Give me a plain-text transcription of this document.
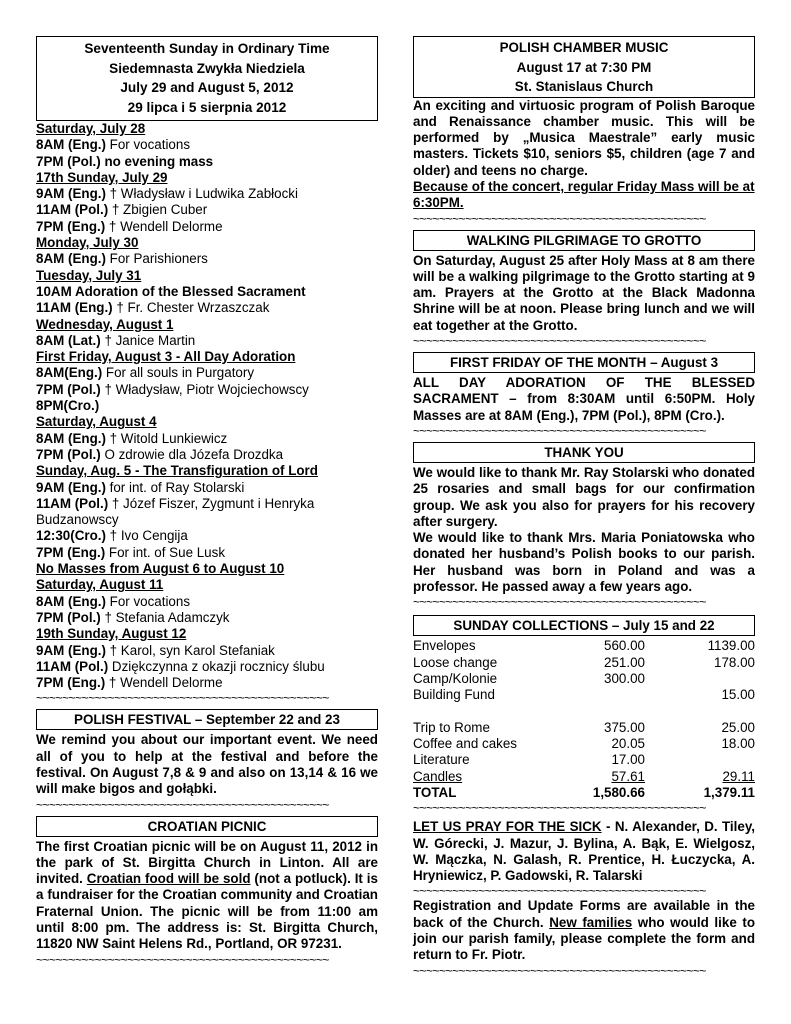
Seventeenth Sunday in Ordinary Time
Siedemnasta Zwykła Niedziela
July 29 and August 5, 2012
29 lipca i 5 sierpnia 2012
Saturday, July 28
8AM (Eng.) For vocations
7PM (Pol.) no evening mass
17th Sunday, July 29
9AM (Eng.) † Władysław i Ludwika Zabłocki
11AM (Pol.) † Zbigien Cuber
7PM (Eng.) † Wendell Delorme
Monday, July 30
8AM (Eng.) For Parishioners
Tuesday, July 31
10AM Adoration of the Blessed Sacrament
11AM (Eng.) † Fr. Chester Wrzaszczak
Wednesday, August 1
8AM (Lat.) † Janice Martin
First Friday, August 3 - All Day Adoration
8AM(Eng.) For all souls in Purgatory
7PM (Pol.) † Władysław, Piotr Wojciechowscy
8PM(Cro.)
Saturday, August 4
8AM (Eng.) † Witold Lunkiewicz
7PM (Pol.) O zdrowie dla Józefa Drozdka
Sunday, Aug. 5 - The Transfiguration of Lord
9AM (Eng.) for int. of Ray Stolarski
11AM (Pol.) † Józef Fiszer, Zygmunt i Henryka
Budzanowscy
12:30(Cro.) † Ivo Cengija
7PM (Eng.) For int. of Sue Lusk
No Masses from August 6 to August 10
Saturday, August 11
8AM (Eng.) For vocations
7PM (Pol.) † Stefania Adamczyk
19th Sunday, August 12
9AM (Eng.) † Karol, syn Karol Stefaniak
11AM (Pol.) Dziękczynna z okazji rocznicy ślubu
7PM (Eng.) † Wendell Delorme
~~~~~~~~~~~~~~~~~~~~~~~~~~~~~~~~~~~~~~~~~~~~~
POLISH FESTIVAL – September 22 and 23
We remind you about our important event. We need all of you to help at the festival and before the festival. On August 7,8 & 9 and also on 13,14 & 16 we will make bigos and gołąbki.
~~~~~~~~~~~~~~~~~~~~~~~~~~~~~~~~~~~~~~~~~~~~~
CROATIAN PICNIC
The first Croatian picnic will be on August 11, 2012 in the park of St. Birgitta Church in Linton. All are invited. Croatian food will be sold (not a potluck). It is a fundraiser for the Croatian community and Croatian Fraternal Union. The picnic will be from 11:00 am until 8:00 pm. The address is: St. Birgitta Church, 11820 NW Saint Helens Rd., Portland, OR 97231.
~~~~~~~~~~~~~~~~~~~~~~~~~~~~~~~~~~~~~~~~~~~~~
POLISH CHAMBER MUSIC
August 17 at 7:30 PM
St. Stanislaus Church
An exciting and virtuosic program of Polish Baroque and Renaissance chamber music. This will be performed by „Musica Maestrale” early music masters. Tickets $10, seniors $5, children (age 7 and older) and teens no charge.
Because of the concert, regular Friday Mass will be at 6:30PM.
~~~~~~~~~~~~~~~~~~~~~~~~~~~~~~~~~~~~~~~~~~~~~
WALKING PILGRIMAGE TO GROTTO
On Saturday, August 25 after Holy Mass at 8 am there will be a walking pilgrimage to the Grotto starting at 9 am. Prayers at the Grotto at the Black Madonna Shrine will be at noon. Please bring lunch and we will eat together at the Grotto.
~~~~~~~~~~~~~~~~~~~~~~~~~~~~~~~~~~~~~~~~~~~~~
FIRST FRIDAY OF THE MONTH – August 3
ALL DAY ADORATION OF THE BLESSED SACRAMENT – from 8:30AM until 6:50PM. Holy Masses are at 8AM (Eng.), 7PM (Pol.), 8PM (Cro.).
~~~~~~~~~~~~~~~~~~~~~~~~~~~~~~~~~~~~~~~~~~~~~
THANK YOU
We would like to thank Mr. Ray Stolarski who donated 25 rosaries and small bags for our confirmation group. We ask you also for prayers for his recovery after surgery.
We would like to thank Mrs. Maria Poniatowska who donated her husband’s Polish books to our parish. Her husband was born in Poland and was a professor. He passed away a few years ago.
~~~~~~~~~~~~~~~~~~~~~~~~~~~~~~~~~~~~~~~~~~~~~
SUNDAY COLLECTIONS – July 15 and 22
Envelopes	560.00	1139.00
Loose change	251.00	178.00
Camp/Kolonie	300.00	
Building Fund		15.00

Trip to Rome	375.00	25.00
Coffee and cakes	20.05	18.00
Literature	17.00	
Candles	57.61	29.11
TOTAL	1,580.66	1,379.11
~~~~~~~~~~~~~~~~~~~~~~~~~~~~~~~~~~~~~~~~~~~~~
LET US PRAY FOR THE SICK - N. Alexander, D. Tiley, W. Górecki, J. Mazur, J. Bylina, A. Bąk, E. Wielgosz, W. Mączka, N. Galash, R. Prentice, H. Łuczycka, A. Hryniewicz, P. Gadowski, R. Talarski
~~~~~~~~~~~~~~~~~~~~~~~~~~~~~~~~~~~~~~~~~~~~~
Registration and Update Forms are available in the back of the Church. New families who would like to join our parish family, please complete the form and return to Fr. Piotr.
~~~~~~~~~~~~~~~~~~~~~~~~~~~~~~~~~~~~~~~~~~~~~
